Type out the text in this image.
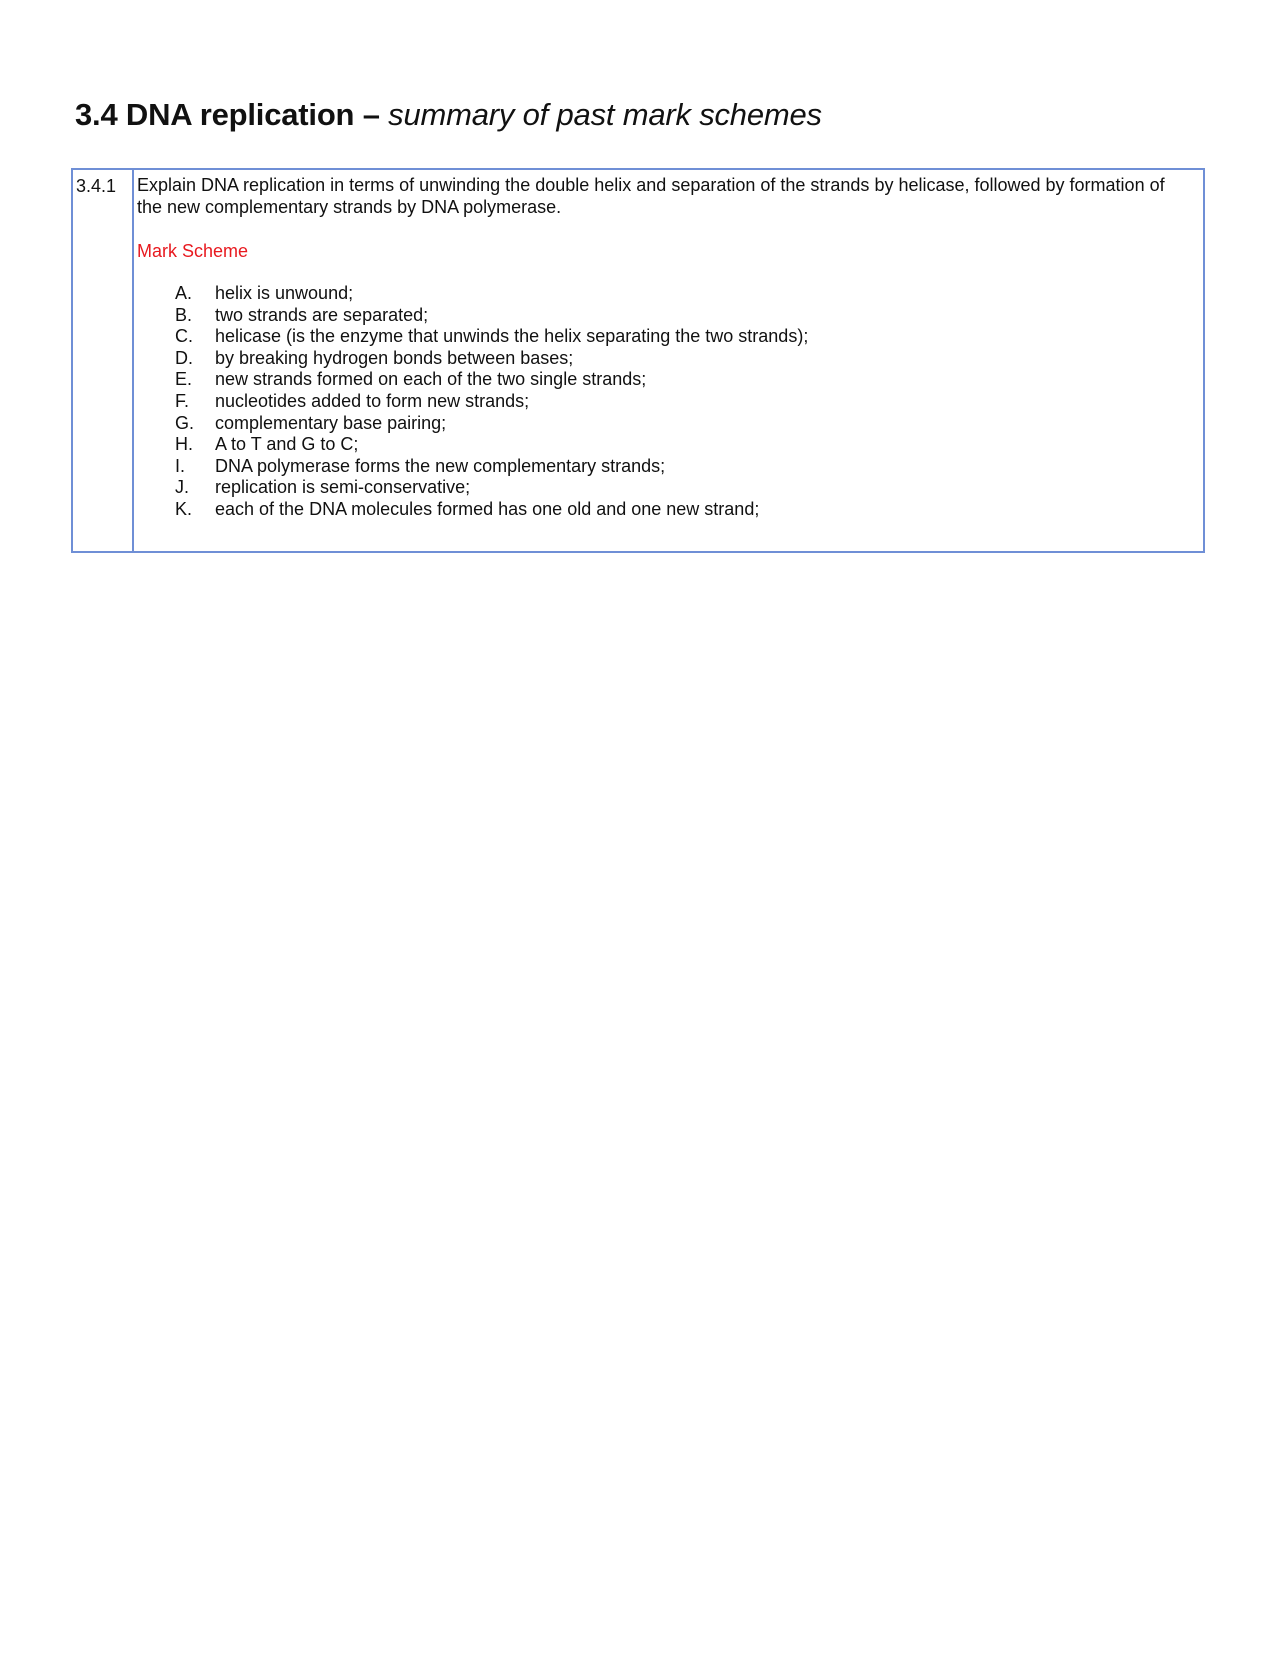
3.4 DNA replication – summary of past mark schemes
3.4.1	Explain DNA replication in terms of unwinding the double helix and separation of the strands by helicase, followed by formation of the new complementary strands by DNA polymerase.

Mark Scheme
A.	helix is unwound;
B.	two strands are separated;
C.	helicase (is the enzyme that unwinds the helix separating the two strands);
D.	by breaking hydrogen bonds between bases;
E.	new strands formed on each of the two single strands;
F.	nucleotides added to form new strands;
G.	complementary base pairing;
H.	A to T and G to C;
I.	DNA polymerase forms the new complementary strands;
J.	replication is semi-conservative;
K.	each of the DNA molecules formed has one old and one new strand;
